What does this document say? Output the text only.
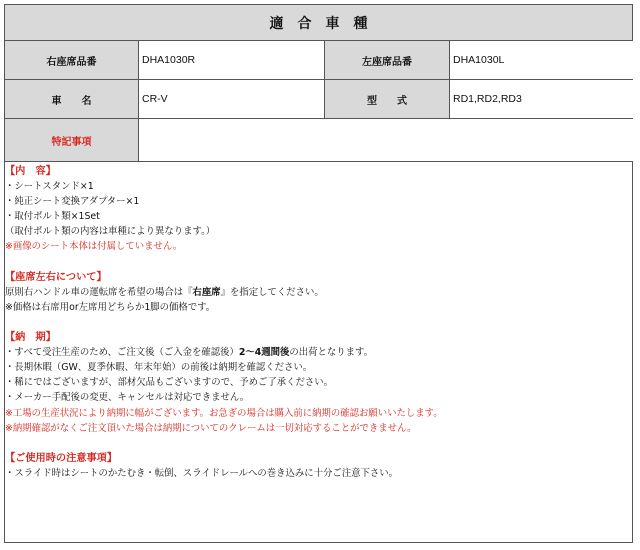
適 合 車 種
右座席品番	DHA1030R	左座席品番	DHA1030L
車　　名	CR-V	型　　式	RD1,RD2,RD3
特記事項
【内　容】
・シートスタンド×1
・純正シート変換アダプター×1
・取付ボルト類×1Set
（取付ボルト類の内容は車種により異なります。）
※画像のシート本体は付属していません。
【座席左右について】
原則右ハンドル車の運転席を希望の場合は『右座席』を指定してください。
※価格は右席用or左席用どちらか1脚の価格です。
【納　期】
・すべて受注生産のため、ご注文後（ご入金を確認後）2～4週間後の出荷となります。
・長期休暇（GW、夏季休暇、年末年始）の前後は納期を確認ください。
・稀にではございますが、部材欠品もございますので、予めご了承ください。
・メーカー手配後の変更、キャンセルは対応できません。
※工場の生産状況により納期に幅がございます。お急ぎの場合は購入前に納期の確認お願いいたします。
※納期確認がなくご注文頂いた場合は納期についてのクレームは一切対応することができません。
【ご使用時の注意事項】
・スライド時はシートのかたむき・転倒、スライドレールへの巻き込みに十分ご注意下さい。
